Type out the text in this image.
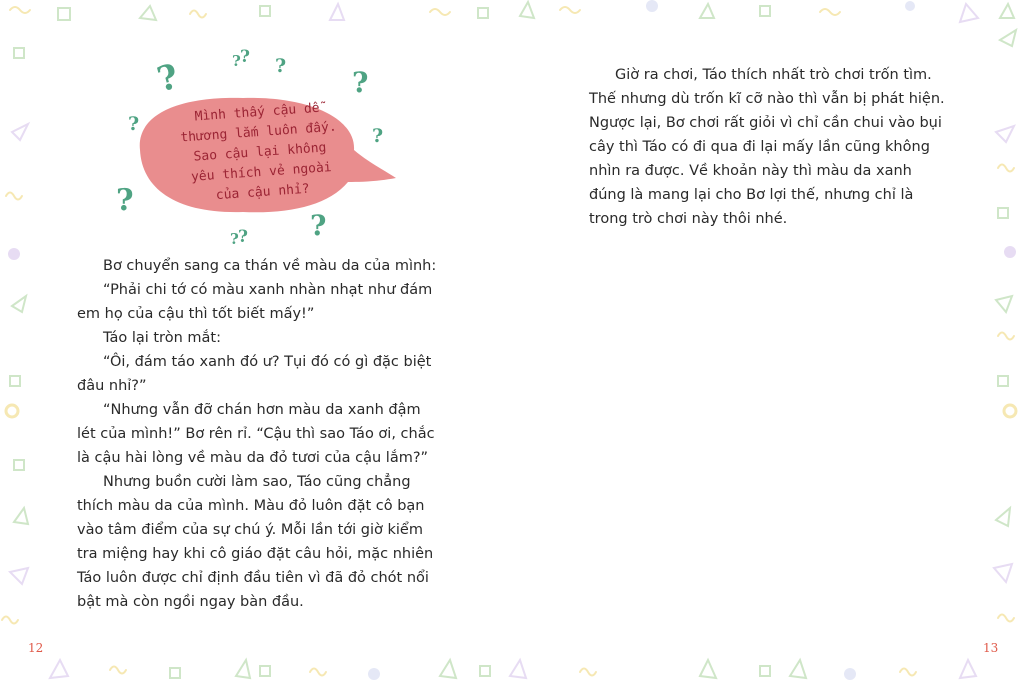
Mình thấy cậu dễ
thương lắm luôn đấy.
Sao cậu lại không
yêu thích vẻ ngoài
của cậu nhỉ?
?	? ? ? ?
?
?
?
?
? ?

Bơ chuyển sang ca thán về màu da của mình:

“Phải chi tớ có màu xanh nhàn nhạt như đám em họ của cậu thì tốt biết mấy!”

Táo lại tròn mắt:

“Ôi, đám táo xanh đó ư? Tụi đó có gì đặc biệt đâu nhỉ?”

“Nhưng vẫn đỡ chán hơn màu da xanh đậm lét của mình!” Bơ rên rỉ. “Cậu thì sao Táo ơi, chắc là cậu hài lòng về màu da đỏ tươi của cậu lắm?”

Nhưng buồn cười làm sao, Táo cũng chẳng thích màu da của mình. Màu đỏ luôn đặt cô bạn vào tâm điểm của sự chú ý. Mỗi lần tới giờ kiểm tra miệng hay khi cô giáo đặt câu hỏi, mặc nhiên Táo luôn được chỉ định đầu tiên vì đã đỏ chót nổi bật mà còn ngồi ngay bàn đầu.

Giờ ra chơi, Táo thích nhất trò chơi trốn tìm. Thế nhưng dù trốn kĩ cỡ nào thì vẫn bị phát hiện. Ngược lại, Bơ chơi rất giỏi vì chỉ cần chui vào bụi cây thì Táo có đi qua đi lại mấy lần cũng không nhìn ra được. Về khoản này thì màu da xanh đúng là mang lại cho Bơ lợi thế, nhưng chỉ là trong trò chơi này thôi nhé.

12	13
